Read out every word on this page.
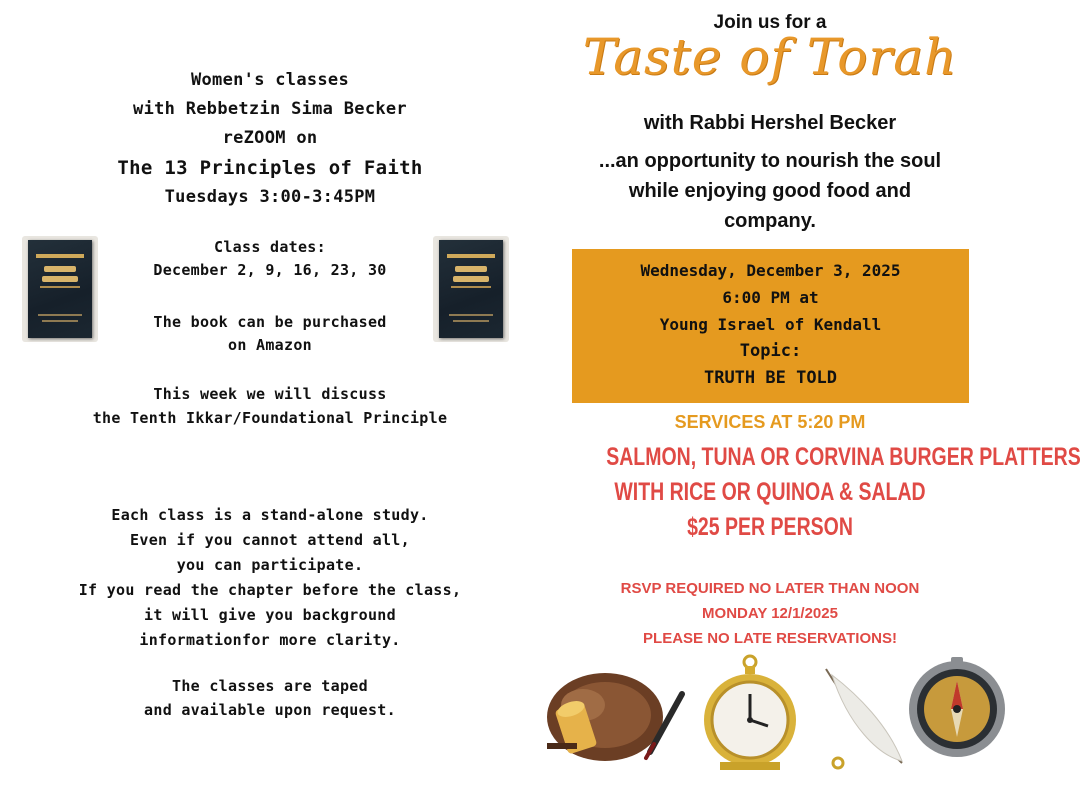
Women's classes
with Rebbetzin Sima Becker
reZOOM on
The 13 Principles of Faith
Tuesdays 3:00-3:45PM
Class dates:
December 2, 9, 16, 23, 30
The book can be purchased
on Amazon
This week we will discuss
the Tenth Ikkar/Foundational Principle
Each class is a stand-alone study.
Even if you cannot attend all,
you can participate.
If you read the chapter before the class,
it will give you background
informationfor more clarity.
The classes are taped
and available upon request.
Join us for a
Taste of Torah
with Rabbi Hershel Becker
...an opportunity to nourish the soul
while enjoying good food and
company.
Wednesday, December 3, 2025
6:00 PM at
Young Israel of Kendall
Topic:
TRUTH BE TOLD
SERVICES AT 5:20 PM
SALMON, TUNA OR CORVINA BURGER PLATTERS
WITH RICE OR QUINOA & SALAD
$25 PER PERSON
RSVP REQUIRED NO LATER THAN NOON
MONDAY 12/1/2025
PLEASE NO LATE RESERVATIONS!
